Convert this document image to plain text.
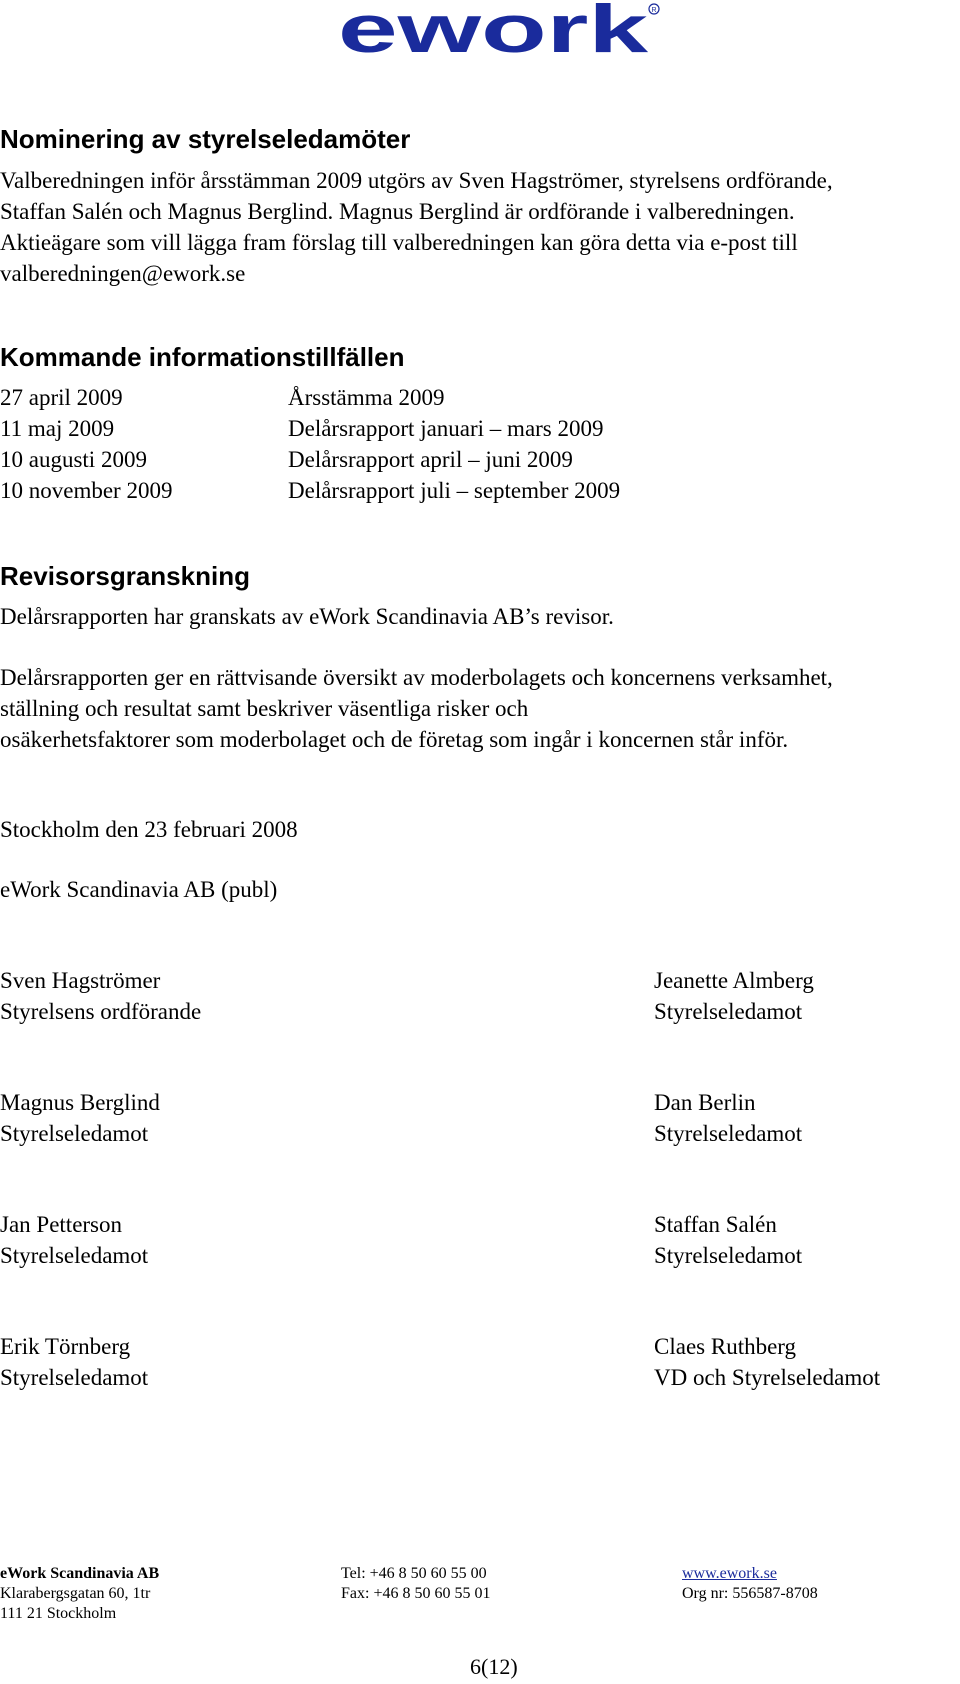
ework R
Nominering av styrelseledamöter
Valberedningen inför årsstämman 2009 utgörs av Sven Hagströmer, styrelsens ordförande,
Staffan Salén och Magnus Berglind. Magnus Berglind är ordförande i valberedningen.
Aktieägare som vill lägga fram förslag till valberedningen kan göra detta via e-post till
valberedningen@ework.se
Kommande informationstillfällen
27 april 2009	Årsstämma 2009
11 maj 2009	Delårsrapport januari – mars 2009
10 augusti 2009	Delårsrapport april – juni 2009
10 november 2009	Delårsrapport juli – september 2009
Revisorsgranskning
Delårsrapporten har granskats av eWork Scandinavia AB’s revisor.
Delårsrapporten ger en rättvisande översikt av moderbolagets och koncernens verksamhet,
ställning och resultat samt beskriver väsentliga risker och
osäkerhetsfaktorer som moderbolaget och de företag som ingår i koncernen står inför.
Stockholm den 23 februari 2008
eWork Scandinavia AB (publ)
Sven Hagströmer
Styrelsens ordförande
Jeanette Almberg
Styrelseledamot
Magnus Berglind
Styrelseledamot
Dan Berlin
Styrelseledamot
Jan Petterson
Styrelseledamot
Staffan Salén
Styrelseledamot
Erik Törnberg
Styrelseledamot
Claes Ruthberg
VD och Styrelseledamot
eWork Scandinavia AB
Klarabergsgatan 60, 1tr
111 21 Stockholm
Tel: +46 8 50 60 55 00
Fax: +46 8 50 60 55 01
www.ework.se
Org nr: 556587-8708
6(12)
